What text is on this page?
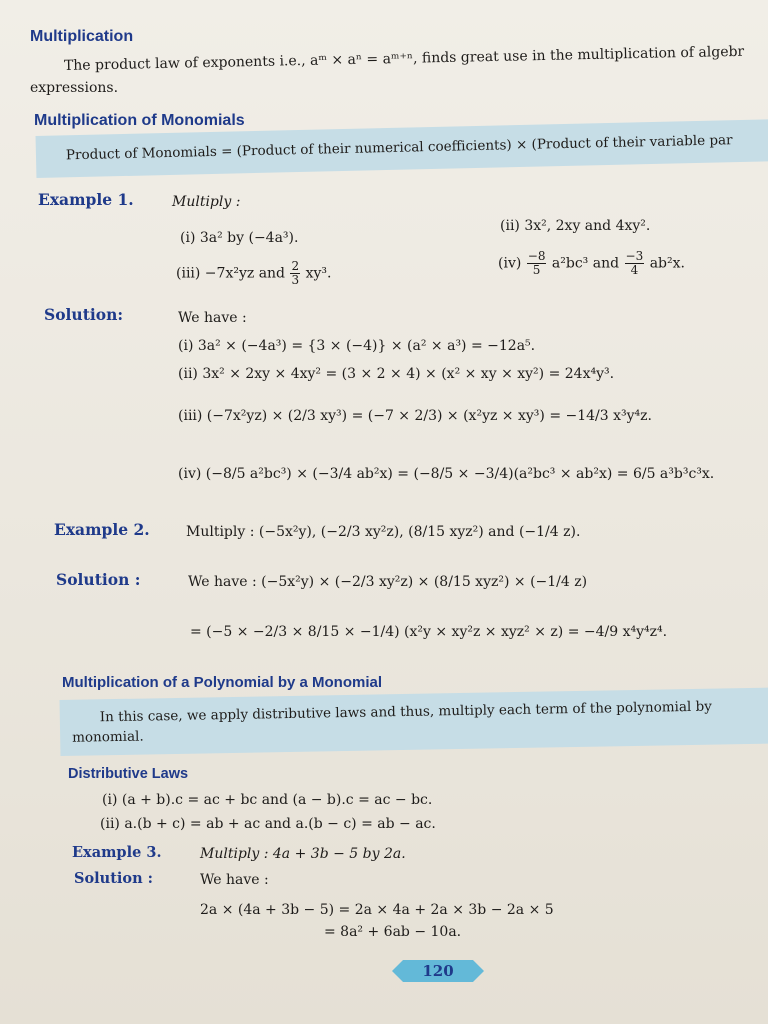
Multiplication
The product law of exponents i.e., aᵐ × aⁿ = aᵐ⁺ⁿ, finds great use in the multiplication of algebr
expressions.
Multiplication of Monomials
Product of Monomials = (Product of their numerical coefficients) × (Product of their variable par
Example 1.	Multiply :
(i) 3a² by (−4a³).
(ii) 3x², 2xy and 4xy².
(iii) −7x²yz and $\frac{2}{3} xy^3$.
$(iv) \frac{-8}{5} a^2bc^3$ and $\frac{-3}{4} ab^2x$.
Solution:	We have :
(i) 3a² × (−4a³) = {3 × (−4)} × (a² × a³) = −12a⁵.
(ii) 3x² × 2xy × 4xy² = (3 × 2 × 4) × (x² × xy × xy²) = 24x⁴y³.
(iii) (−7x²yz) × (2/3 xy³) = (−7 × 2/3) × (x²yz × xy³) = −14/3 x³y⁴z.
(iv) (−8/5 a²bc³) × (−3/4 ab²x) = (−8/5 × −3/4)(a²bc³ × ab²x) = 6/5 a³b³c³x.
Example 2.	Multiply : (−5x²y), (−2/3 xy²z), (8/15 xyz²) and (−1/4 z).
Solution :	We have : (−5x²y) × (−2/3 xy²z) × (8/15 xyz²) × (−1/4 z)
= (−5 × −2/3 × 8/15 × −1/4) (x²y × xy²z × xyz² × z) = −4/9 x⁴y⁴z⁴.
Multiplication of a Polynomial by a Monomial
In this case, we apply distributive laws and thus, multiply each term of the polynomial by
monomial.
Distributive Laws
(i) (a + b).c = ac + bc and (a − b).c = ac − bc.
(ii) a.(b + c) = ab + ac and a.(b − c) = ab − ac.
Example 3.	Multiply : 4a + 3b − 5 by 2a.
Solution :	We have :
2a × (4a + 3b − 5) = 2a × 4a + 2a × 3b − 2a × 5
= 8a² + 6ab − 10a.
120
